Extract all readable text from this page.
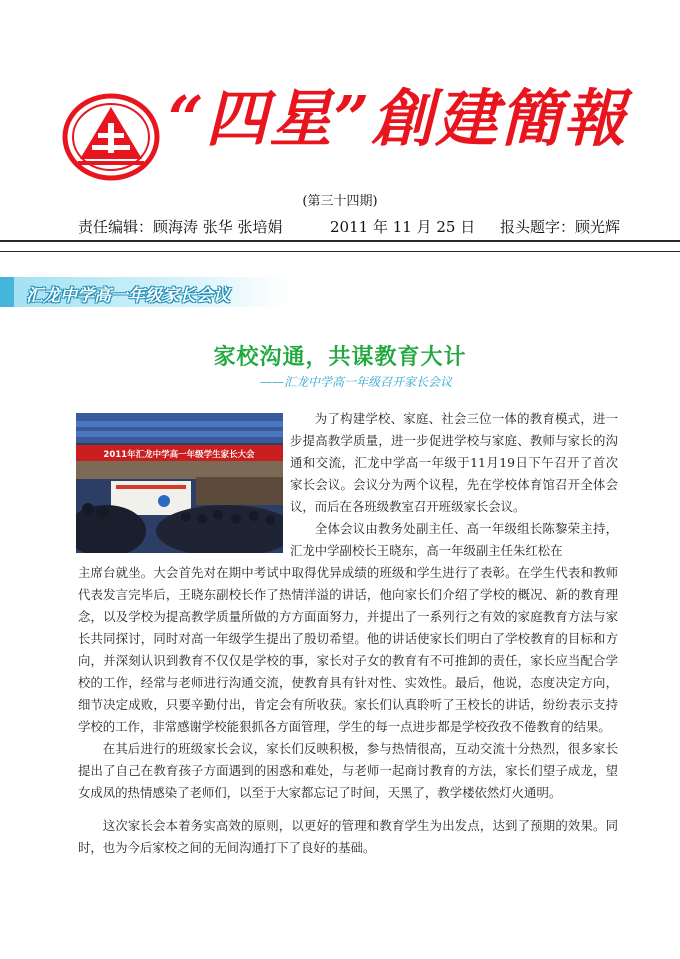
“四星”創建簡報
(第三十四期)
责任编辑：顾海涛 张华 张培娟	2011 年 11 月 25 日 报头题字：顾光辉
汇龙中学高一年级家长会议
家校沟通，共谋教育大计
——汇龙中学高一年级召开家长会议
2011年汇龙中学高一年级学生家长大会

为了构建学校、家庭、社会三位一体的教育模式，进一步提高教学质量，进一步促进学校与家庭、教师与家长的沟通和交流，汇龙中学高一年级于11月19日下午召开了首次家长会议。会议分为两个议程，先在学校体育馆召开全体会议，而后在各班级教室召开班级家长会议。

全体会议由教务处副主任、高一年级组长陈黎荣主持，汇龙中学副校长王晓东，高一年级副主任朱红松在

主席台就坐。大会首先对在期中考试中取得优异成绩的班级和学生进行了表彰。在学生代表和教师代表发言完毕后，王晓东副校长作了热情洋溢的讲话，他向家长们介绍了学校的概况、新的教育理念，以及学校为提高教学质量所做的方方面面努力，并提出了一系列行之有效的家庭教育方法与家长共同探讨，同时对高一年级学生提出了殷切希望。他的讲话使家长们明白了学校教育的目标和方向，并深刻认识到教育不仅仅是学校的事，家长对子女的教育有不可推卸的责任，家长应当配合学校的工作，经常与老师进行沟通交流，使教育具有针对性、实效性。最后，他说，态度决定方向，细节决定成败，只要辛勤付出，肯定会有所收获。家长们认真聆听了王校长的讲话，纷纷表示支持学校的工作，非常感谢学校能狠抓各方面管理，学生的每一点进步都是学校孜孜不倦教育的结果。

在其后进行的班级家长会议，家长们反映积极，参与热情很高，互动交流十分热烈，很多家长提出了自己在教育孩子方面遇到的困惑和难处，与老师一起商讨教育的方法，家长们望子成龙，望女成凤的热情感染了老师们，以至于大家都忘记了时间，天黑了，教学楼依然灯火通明。

这次家长会本着务实高效的原则，以更好的管理和教育学生为出发点，达到了预期的效果。同时，也为今后家校之间的无间沟通打下了良好的基础。
